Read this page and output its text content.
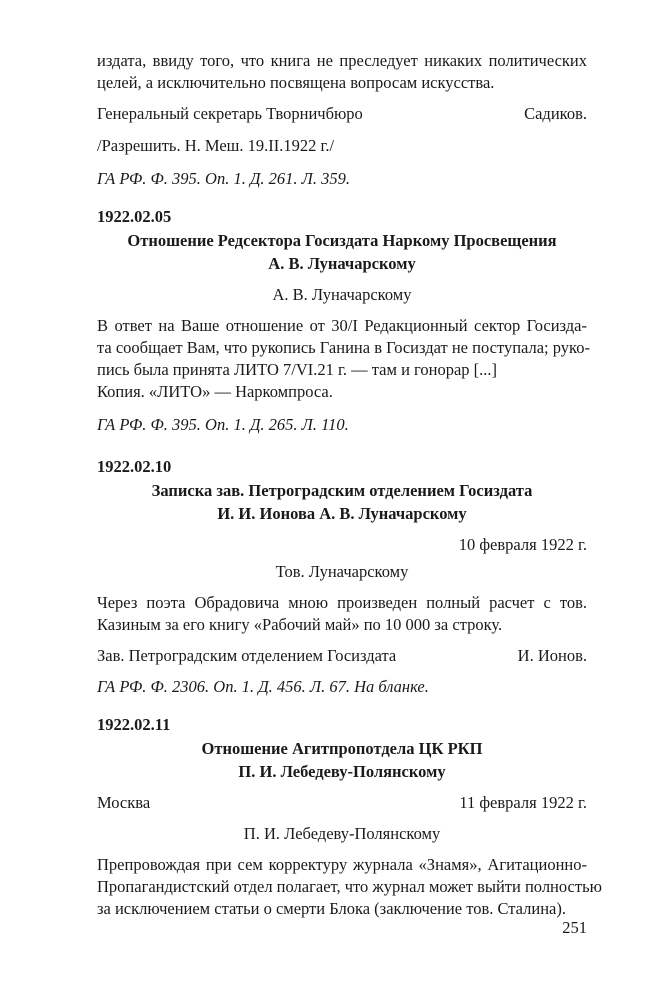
издата, ввиду того, что книга не преследует никаких политических
целей, а исключительно посвящена вопросам искусства.
Генеральный секретарь Творничбюро	Садиков.
/Разрешить. Н. Меш. 19.II.1922 г./
ГА РФ. Ф. 395. Оп. 1. Д. 261. Л. 359.
1922.02.05
Отношение Редсектора Госиздата Наркому Просвещения
А. В. Луначарскому
А. В. Луначарскому
В ответ на Ваше отношение от 30/I Редакционный сектор Госизда-
та сообщает Вам, что рукопись Ганина в Госиздат не поступала; руко-
пись была принята ЛИТО 7/VI.21 г. — там и гонорар [...]
Копия. «ЛИТО» — Наркомпроса.
ГА РФ. Ф. 395. Оп. 1. Д. 265. Л. 110.
1922.02.10
Записка зав. Петроградским отделением Госиздата
И. И. Ионова А. В. Луначарскому
10 февраля 1922 г.
Тов. Луначарскому
Через поэта Обрадовича мною произведен полный расчет с тов.
Казиным за его книгу «Рабочий май» по 10 000 за строку.
Зав. Петроградским отделением Госиздата	И. Ионов.
ГА РФ. Ф. 2306. Оп. 1. Д. 456. Л. 67. На бланке.
1922.02.11
Отношение Агитпропотдела ЦК РКП
П. И. Лебедеву-Полянскому
Москва	11 февраля 1922 г.
П. И. Лебедеву-Полянскому
Препровождая при сем корректуру журнала «Знамя», Агитационно-
Пропагандистский отдел полагает, что журнал может выйти полностью
за исключением статьи о смерти Блока (заключение тов. Сталина).
251
